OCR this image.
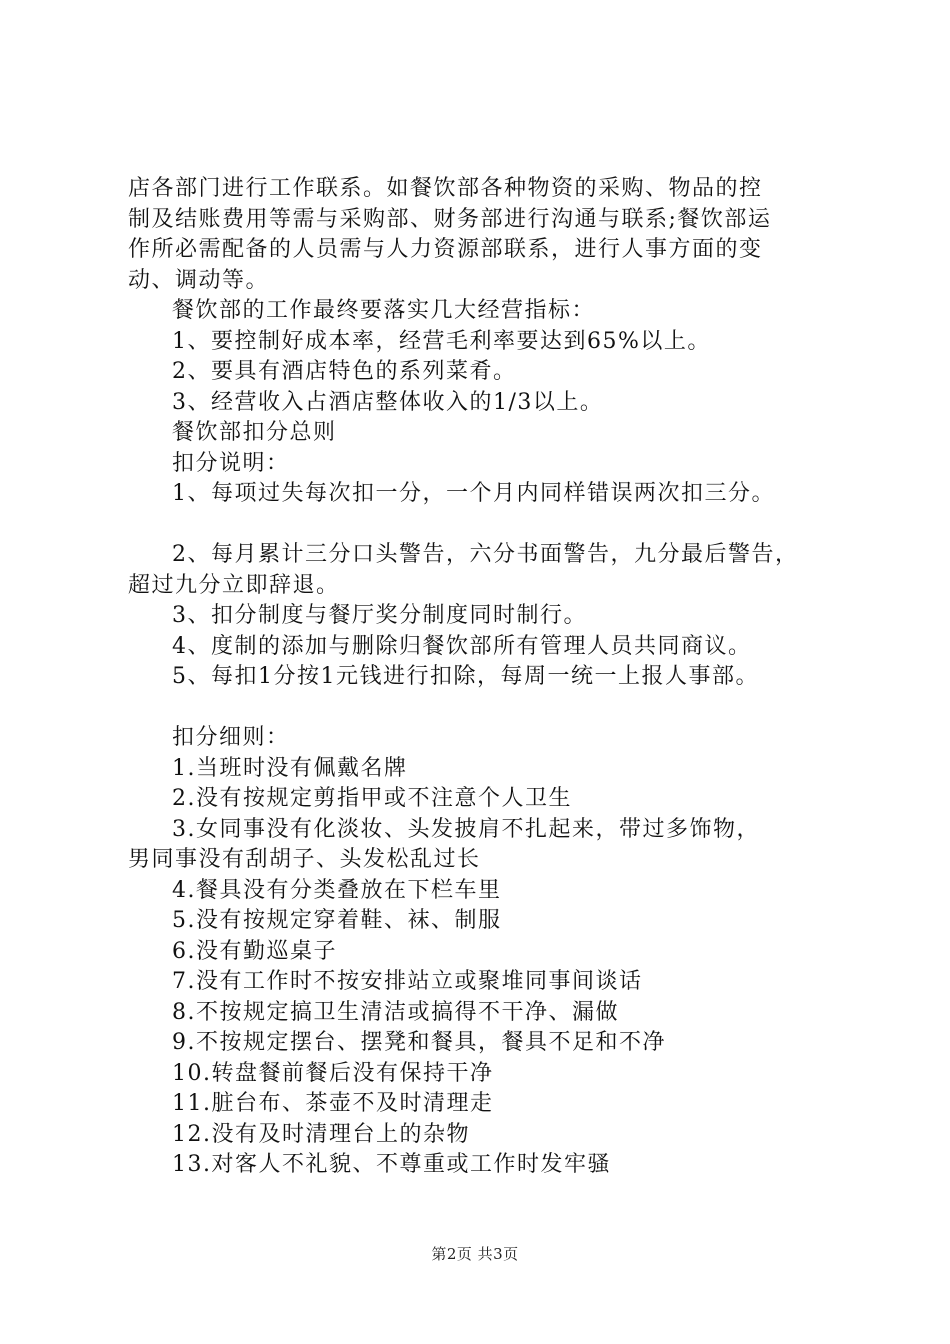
店各部门进行工作联系。如餐饮部各种物资的采购、物品的控
制及结账费用等需与采购部、财务部进行沟通与联系;餐饮部运
作所必需配备的人员需与人力资源部联系，进行人事方面的变
动、调动等。
餐饮部的工作最终要落实几大经营指标：
1、要控制好成本率，经营毛利率要达到65%以上。
2、要具有酒店特色的系列菜肴。
3、经营收入占酒店整体收入的1/3以上。
餐饮部扣分总则
扣分说明：
1、每项过失每次扣一分，一个月内同样错误两次扣三分。
2、每月累计三分口头警告，六分书面警告，九分最后警告，
超过九分立即辞退。
3、扣分制度与餐厅奖分制度同时制行。
4、度制的添加与删除归餐饮部所有管理人员共同商议。
5、每扣1分按1元钱进行扣除，每周一统一上报人事部。
扣分细则：
1.当班时没有佩戴名牌
2.没有按规定剪指甲或不注意个人卫生
3.女同事没有化淡妆、头发披肩不扎起来，带过多饰物，
男同事没有刮胡子、头发松乱过长
4.餐具没有分类叠放在下栏车里
5.没有按规定穿着鞋、袜、制服
6.没有勤巡桌子
7.没有工作时不按安排站立或聚堆同事间谈话
8.不按规定搞卫生清洁或搞得不干净、漏做
9.不按规定摆台、摆凳和餐具，餐具不足和不净
10.转盘餐前餐后没有保持干净
11.脏台布、茶壶不及时清理走
12.没有及时清理台上的杂物
13.对客人不礼貌、不尊重或工作时发牢骚
第2页 共3页
